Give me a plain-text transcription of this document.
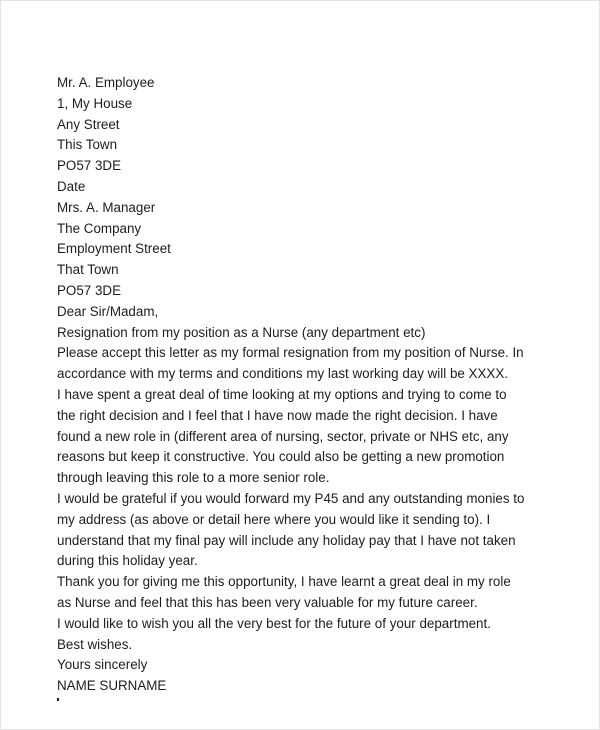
Mr. A. Employee
1, My House
Any Street
This Town
PO57 3DE
Date
Mrs. A. Manager
The Company
Employment Street
That Town
PO57 3DE
Dear Sir/Madam,
Resignation from my position as a Nurse (any department etc)
Please accept this letter as my formal resignation from my position of Nurse. In
accordance with my terms and conditions my last working day will be XXXX.
I have spent a great deal of time looking at my options and trying to come to
the right decision and I feel that I have now made the right decision. I have
found a new role in (different area of nursing, sector, private or NHS etc, any
reasons but keep it constructive. You could also be getting a new promotion
through leaving this role to a more senior role.
I would be grateful if you would forward my P45 and any outstanding monies to
my address (as above or detail here where you would like it sending to). I
understand that my final pay will include any holiday pay that I have not taken
during this holiday year.
Thank you for giving me this opportunity, I have learnt a great deal in my role
as Nurse and feel that this has been very valuable for my future career.
I would like to wish you all the very best for the future of your department.
Best wishes.
Yours sincerely
NAME SURNAME
